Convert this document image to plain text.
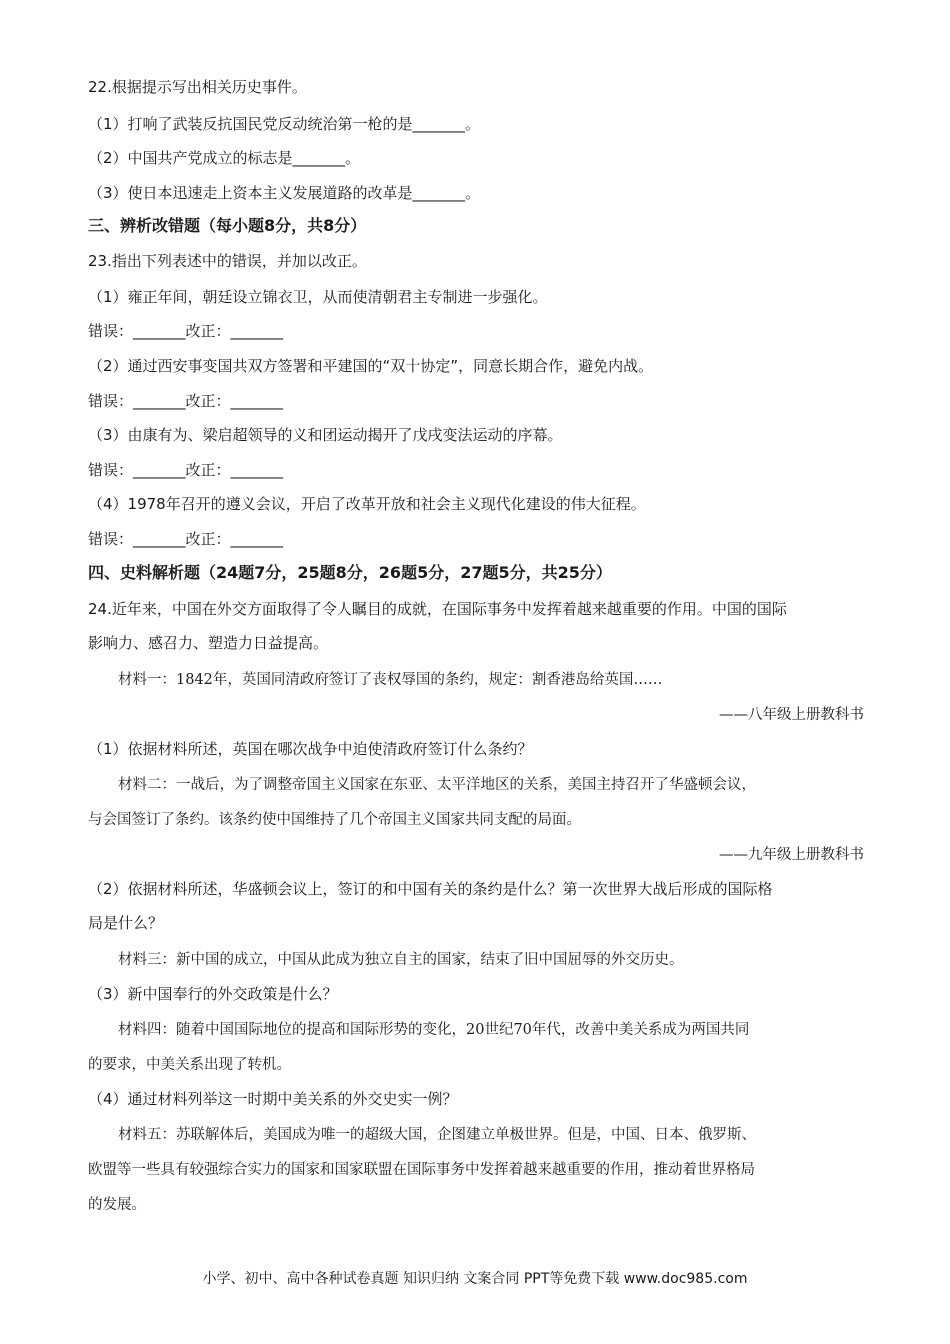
22.根据提示写出相关历史事件。
（1）打响了武装反抗国民党反动统治第一枪的是_______。
（2）中国共产党成立的标志是_______。
（3）使日本迅速走上资本主义发展道路的改革是_______。
三、辨析改错题（每小题8分，共8分）
23.指出下列表述中的错误，并加以改正。
（1）雍正年间，朝廷设立锦衣卫，从而使清朝君主专制进一步强化。
错误：_______改正：_______
（2）通过西安事变国共双方签署和平建国的“双十协定”，同意长期合作，避免内战。
错误：_______改正：_______
（3）由康有为、梁启超领导的义和团运动揭开了戊戌变法运动的序幕。
错误：_______改正：_______
（4）1978年召开的遵义会议，开启了改革开放和社会主义现代化建设的伟大征程。
错误：_______改正：_______
四、史料解析题（24题7分，25题8分，26题5分，27题5分，共25分）
24.近年来，中国在外交方面取得了令人瞩目的成就，在国际事务中发挥着越来越重要的作用。中国的国际
影响力、感召力、塑造力日益提高。
材料一：1842年，英国同清政府签订了丧权辱国的条约，规定：割香港岛给英国……
——八年级上册教科书
（1）依据材料所述，英国在哪次战争中迫使清政府签订什么条约？
材料二：一战后，为了调整帝国主义国家在东亚、太平洋地区的关系，美国主持召开了华盛顿会议，
与会国签订了条约。该条约使中国维持了几个帝国主义国家共同支配的局面。
——九年级上册教科书
（2）依据材料所述，华盛顿会议上，签订的和中国有关的条约是什么？第一次世界大战后形成的国际格
局是什么？
材料三：新中国的成立，中国从此成为独立自主的国家，结束了旧中国屈辱的外交历史。
（3）新中国奉行的外交政策是什么？
材料四：随着中国国际地位的提高和国际形势的变化，20世纪70年代，改善中美关系成为两国共同
的要求，中美关系出现了转机。
（4）通过材料列举这一时期中美关系的外交史实一例？
材料五：苏联解体后，美国成为唯一的超级大国，企图建立单极世界。但是，中国、日本、俄罗斯、
欧盟等一些具有较强综合实力的国家和国家联盟在国际事务中发挥着越来越重要的作用，推动着世界格局
的发展。
小学、初中、高中各种试卷真题 知识归纳 文案合同 PPT等免费下载 www.doc985.com
